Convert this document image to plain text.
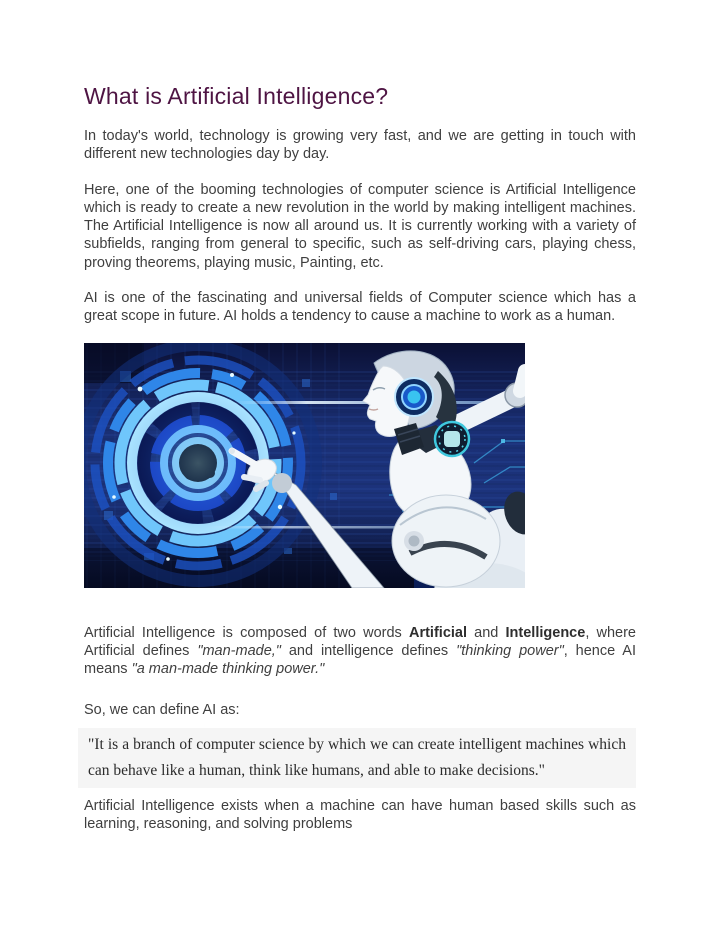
What is Artificial Intelligence?

In today's world, technology is growing very fast, and we are getting in touch with different new technologies day by day.

Here, one of the booming technologies of computer science is Artificial Intelligence which is ready to create a new revolution in the world by making intelligent machines. The Artificial Intelligence is now all around us. It is currently working with a variety of subfields, ranging from general to specific, such as self-driving cars, playing chess, proving theorems, playing music, Painting, etc.

AI is one of the fascinating and universal fields of Computer science which has a great scope in future. AI holds a tendency to cause a machine to work as a human.

Artificial Intelligence is composed of two words Artificial and Intelligence, where Artificial defines "man-made," and intelligence defines "thinking power", hence AI means "a man-made thinking power."

So, we can define AI as:

"It is a branch of computer science by which we can create intelligent machines which can behave like a human, think like humans, and able to make decisions."

Artificial Intelligence exists when a machine can have human based skills such as learning, reasoning, and solving problems
